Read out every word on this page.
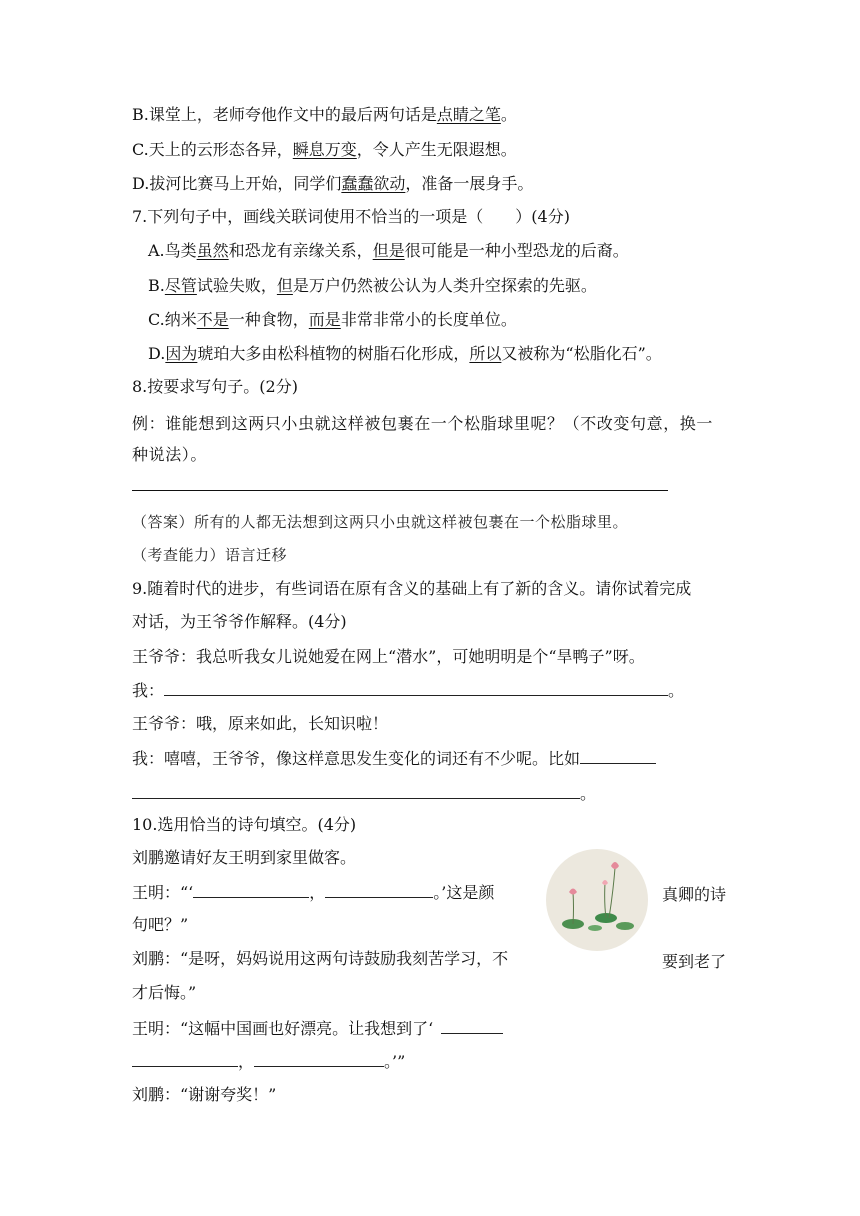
B.课堂上，老师夸他作文中的最后两句话是点睛之笔。
C.天上的云形态各异，瞬息万变，令人产生无限遐想。
D.拔河比赛马上开始，同学们蠢蠢欲动，准备一展身手。
7.下列句子中，画线关联词使用不恰当的一项是（　　）(4分)
A.鸟类虽然和恐龙有亲缘关系，但是很可能是一种小型恐龙的后裔。
B.尽管试验失败，但是万户仍然被公认为人类升空探索的先驱。
C.纳米不是一种食物，而是非常非常小的长度单位。
D.因为琥珀大多由松科植物的树脂石化形成，所以又被称为“松脂化石”。
8.按要求写句子。(2分)
例：谁能想到这两只小虫就这样被包裹在一个松脂球里呢？（不改变句意，换一
种说法）。
（答案）所有的人都无法想到这两只小虫就这样被包裹在一个松脂球里。
（考查能力）语言迁移
9.随着时代的进步，有些词语在原有含义的基础上有了新的含义。请你试着完成
对话，为王爷爷作解释。(4分)
王爷爷：我总听我女儿说她爱在网上“潜水”，可她明明是个“旱鸭子”呀。
我：	。
王爷爷：哦，原来如此，长知识啦！
我：嘻嘻，王爷爷，像这样意思发生变化的词还有不少呢。比如
。
10.选用恰当的诗句填空。(4分)
刘鹏邀请好友王明到家里做客。
王明：“‘	，	。’这是颜	真卿的诗
句吧？”
刘鹏：“是呀，妈妈说用这两句诗鼓励我刻苦学习，不	要到老了
才后悔。”
王明：“这幅中国画也好漂亮。让我想到了‘
，	。’”
刘鹏：“谢谢夸奖！”
